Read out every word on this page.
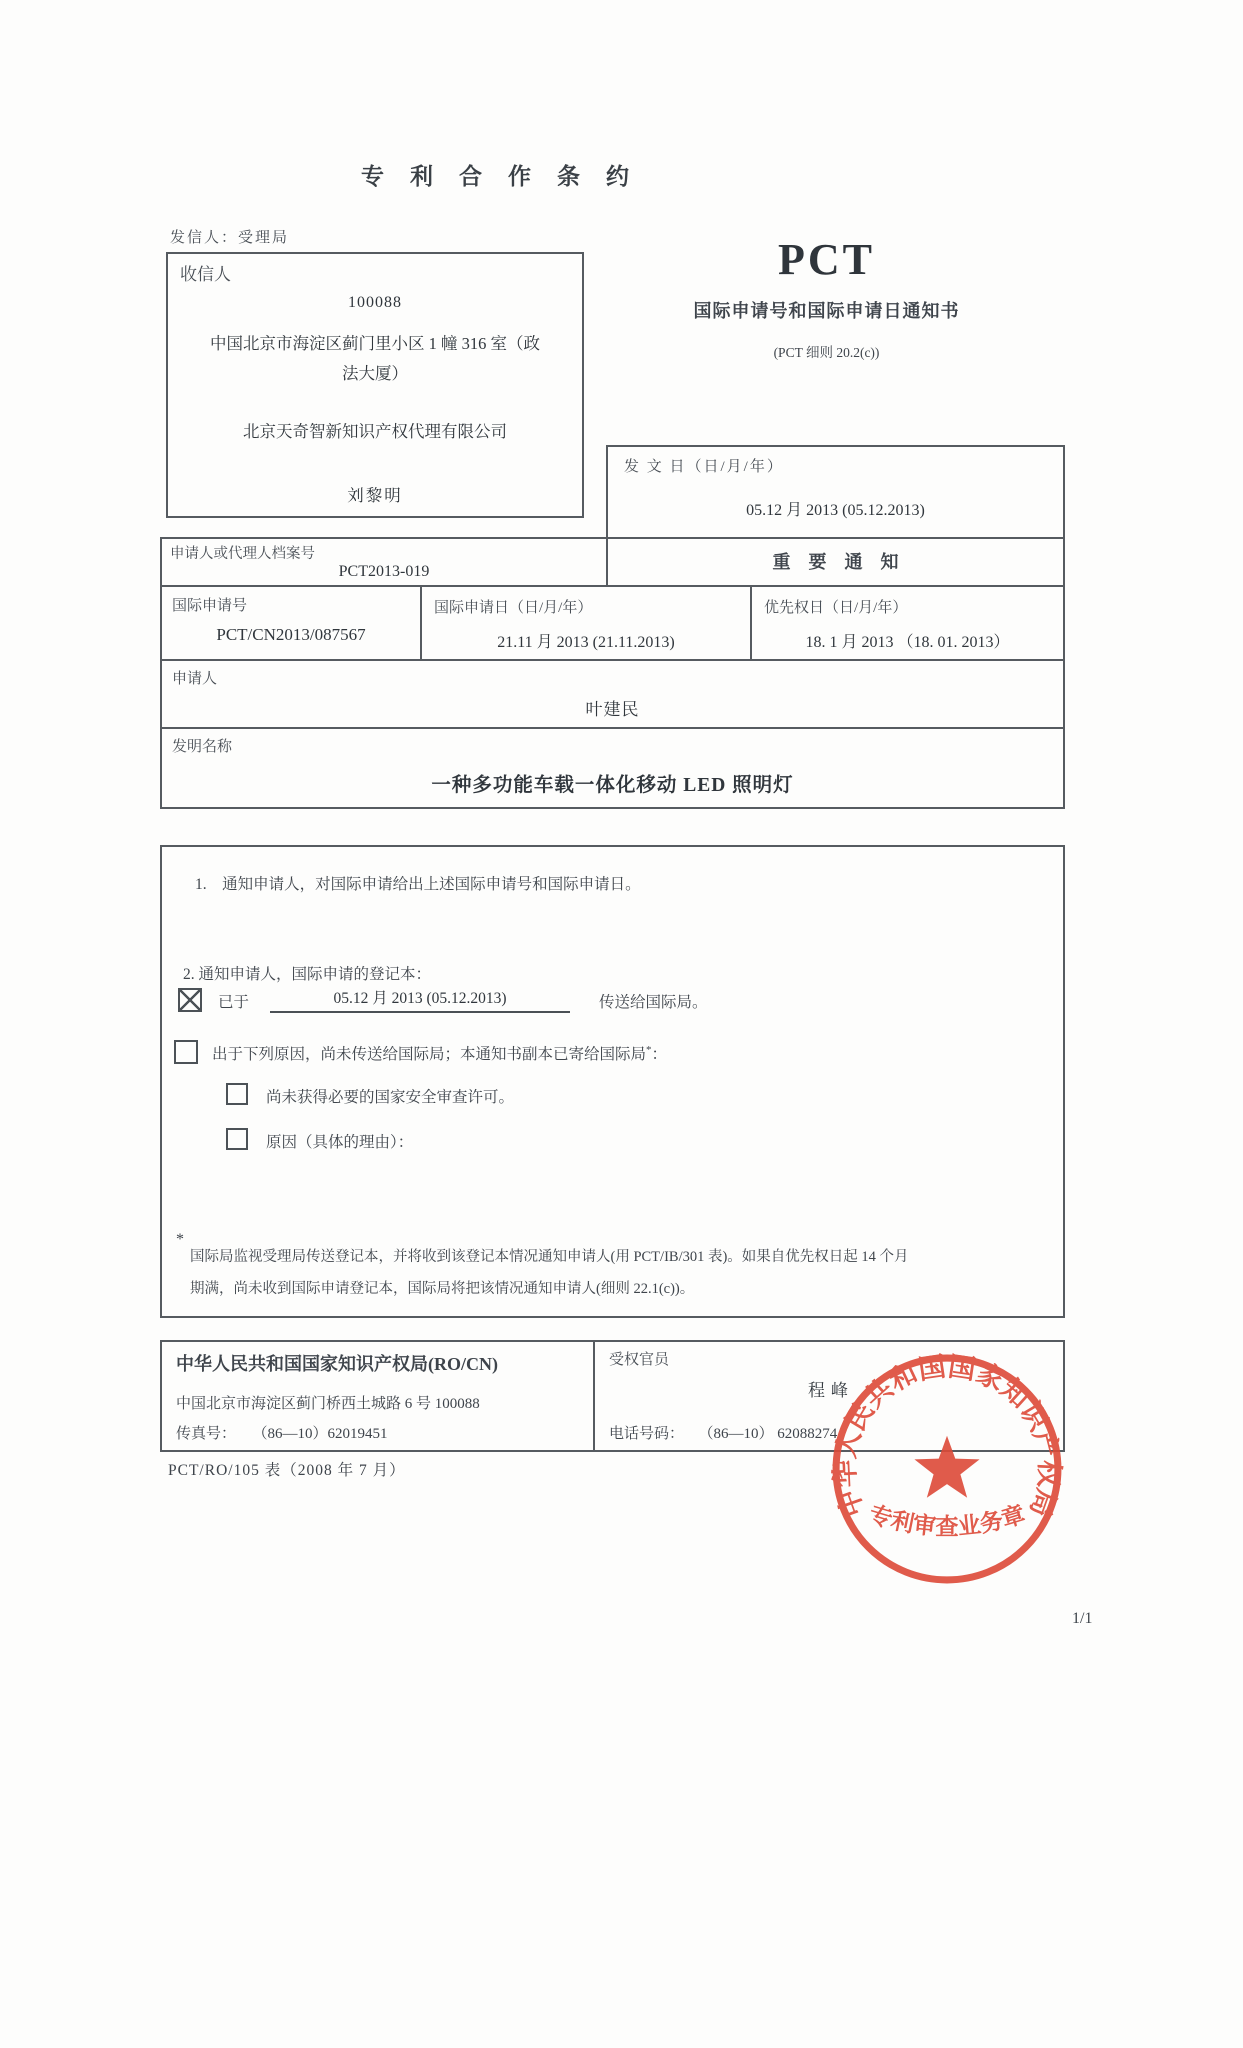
专利合作条约
发信人：受理局
收信人
100088
中国北京市海淀区蓟门里小区 1 幢 316 室（政
法大厦）
北京天奇智新知识产权代理有限公司
刘黎明
PCT
国际申请号和国际申请日通知书
(PCT 细则 20.2(c))
发 文 日（日/月/年）
05.12 月 2013 (05.12.2013)
申请人或代理人档案号
PCT2013-019	重要通知
国际申请号
PCT/CN2013/087567
国际申请日（日/月/年）
21.11 月 2013 (21.11.2013)
优先权日（日/月/年）
18. 1 月 2013 （18. 01. 2013）
申请人
叶建民
发明名称
一种多功能车载一体化移动 LED 照明灯
1.    通知申请人，对国际申请给出上述国际申请号和国际申请日。
2. 通知申请人，国际申请的登记本：
已于	05.12 月 2013 (05.12.2013)	传送给国际局。
出于下列原因，尚未传送给国际局；本通知书副本已寄给国际局*：
尚未获得必要的国家安全审查许可。
原因（具体的理由）：
*
国际局监视受理局传送登记本，并将收到该登记本情况通知申请人(用 PCT/IB/301 表)。如果自优先权日起 14 个月
期满，尚未收到国际申请登记本，国际局将把该情况通知申请人(细则 22.1(c))。
中华人民共和国国家知识产权局(RO/CN)
中国北京市海淀区蓟门桥西土城路 6 号 100088
传真号： （86—10）62019451
受权官员
程峰
电话号码： （86—10） 62088274
PCT/RO/105 表（2008 年 7 月）
中华人民共和国国家知识产权局
专利审查业务章
1/1
